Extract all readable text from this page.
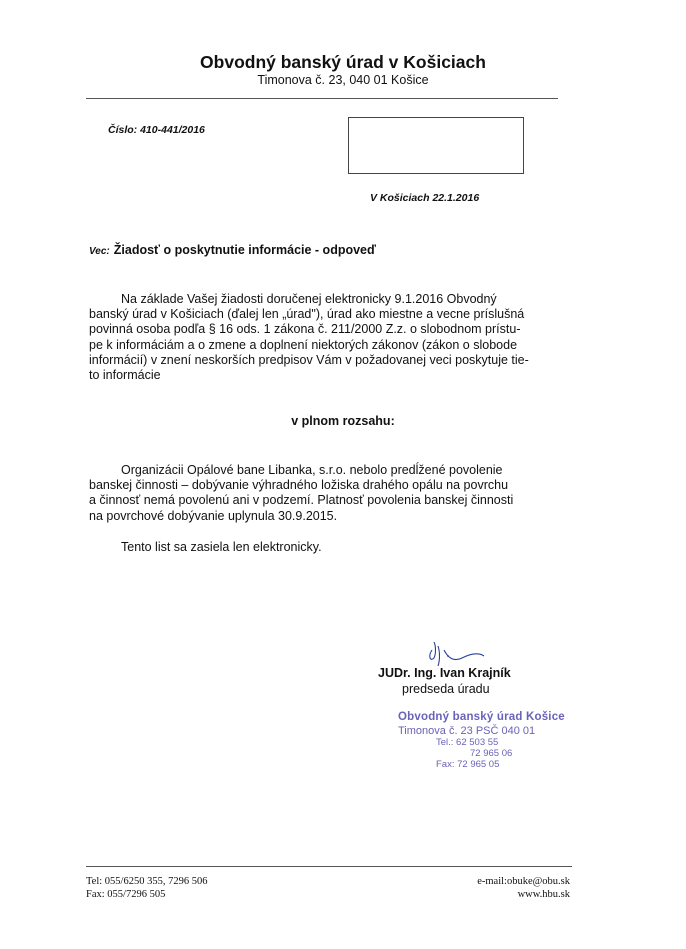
Obvodný banský úrad v Košiciach
Timonova č. 23, 040 01 Košice
Číslo: 410-441/2016
V Košiciach 22.1.2016
Vec: Žiadosť o poskytnutie informácie - odpoveď
Na základe Vašej žiadosti doručenej elektronicky 9.1.2016 Obvodný
banský úrad v Košiciach (ďalej len „úrad"), úrad ako miestne a vecne príslušná
povinná osoba podľa § 16 ods. 1 zákona č. 211/2000 Z.z. o slobodnom prístu-
pe k informáciám a o zmene a doplnení niektorých zákonov (zákon o slobode
informácií) v znení neskorších predpisov Vám v požadovanej veci poskytuje tie-
to informácie
v plnom rozsahu:
Organizácii Opálové bane Libanka, s.r.o. nebolo predĺžené povolenie
banskej činnosti – dobývanie výhradného ložiska drahého opálu na povrchu
a činnosť nemá povolenú ani v podzemí. Platnosť povolenia banskej činnosti
na povrchové dobývanie uplynula 30.9.2015.
Tento list sa zasiela len elektronicky.
JUDr. Ing. Ivan Krajník
predseda úradu
Obvodný banský úrad Košice
Timonova č. 23 PSČ 040 01
Tel.: 62 503 55
72 965 06
Fax: 72 965 05
Tel: 055/6250 355, 7296 506
Fax: 055/7296 505
e-mail:obuke@obu.sk
www.hbu.sk
